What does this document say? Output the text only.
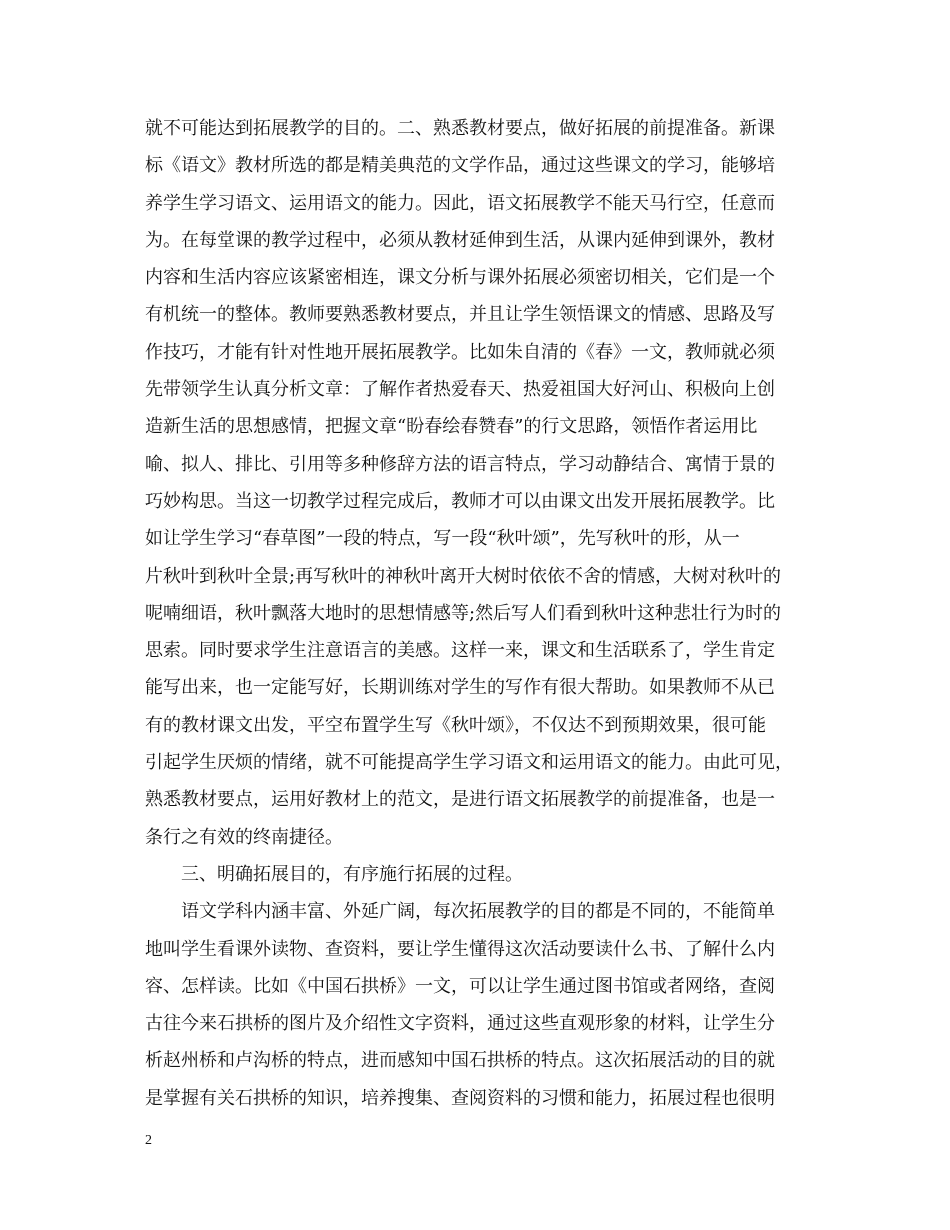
就不可能达到拓展教学的目的。二、熟悉教材要点，做好拓展的前提准备。新课
标《语文》教材所选的都是精美典范的文学作品，通过这些课文的学习，能够培
养学生学习语文、运用语文的能力。因此，语文拓展教学不能天马行空，任意而
为。在每堂课的教学过程中，必须从教材延伸到生活，从课内延伸到课外，教材
内容和生活内容应该紧密相连，课文分析与课外拓展必须密切相关，它们是一个
有机统一的整体。教师要熟悉教材要点，并且让学生领悟课文的情感、思路及写
作技巧，才能有针对性地开展拓展教学。比如朱自清的《春》一文，教师就必须
先带领学生认真分析文章：了解作者热爱春天、热爱祖国大好河山、积极向上创
造新生活的思想感情，把握文章“盼春绘春赞春”的行文思路，领悟作者运用比
喻、拟人、排比、引用等多种修辞方法的语言特点，学习动静结合、寓情于景的
巧妙构思。当这一切教学过程完成后，教师才可以由课文出发开展拓展教学。比
如让学生学习“春草图”一段的特点，写一段“秋叶颂”，先写秋叶的形，从一
片秋叶到秋叶全景;再写秋叶的神秋叶离开大树时依依不舍的情感，大树对秋叶的
呢喃细语，秋叶飘落大地时的思想情感等;然后写人们看到秋叶这种悲壮行为时的
思索。同时要求学生注意语言的美感。这样一来，课文和生活联系了，学生肯定
能写出来，也一定能写好，长期训练对学生的写作有很大帮助。如果教师不从已
有的教材课文出发，平空布置学生写《秋叶颂》，不仅达不到预期效果，很可能
引起学生厌烦的情绪，就不可能提高学生学习语文和运用语文的能力。由此可见，
熟悉教材要点，运用好教材上的范文，是进行语文拓展教学的前提准备，也是一
条行之有效的终南捷径。
三、明确拓展目的，有序施行拓展的过程。
语文学科内涵丰富、外延广阔，每次拓展教学的目的都是不同的，不能简单
地叫学生看课外读物、查资料，要让学生懂得这次活动要读什么书、了解什么内
容、怎样读。比如《中国石拱桥》一文，可以让学生通过图书馆或者网络，查阅
古往今来石拱桥的图片及介绍性文字资料，通过这些直观形象的材料，让学生分
析赵州桥和卢沟桥的特点，进而感知中国石拱桥的特点。这次拓展活动的目的就
是掌握有关石拱桥的知识，培养搜集、查阅资料的习惯和能力，拓展过程也很明
2
